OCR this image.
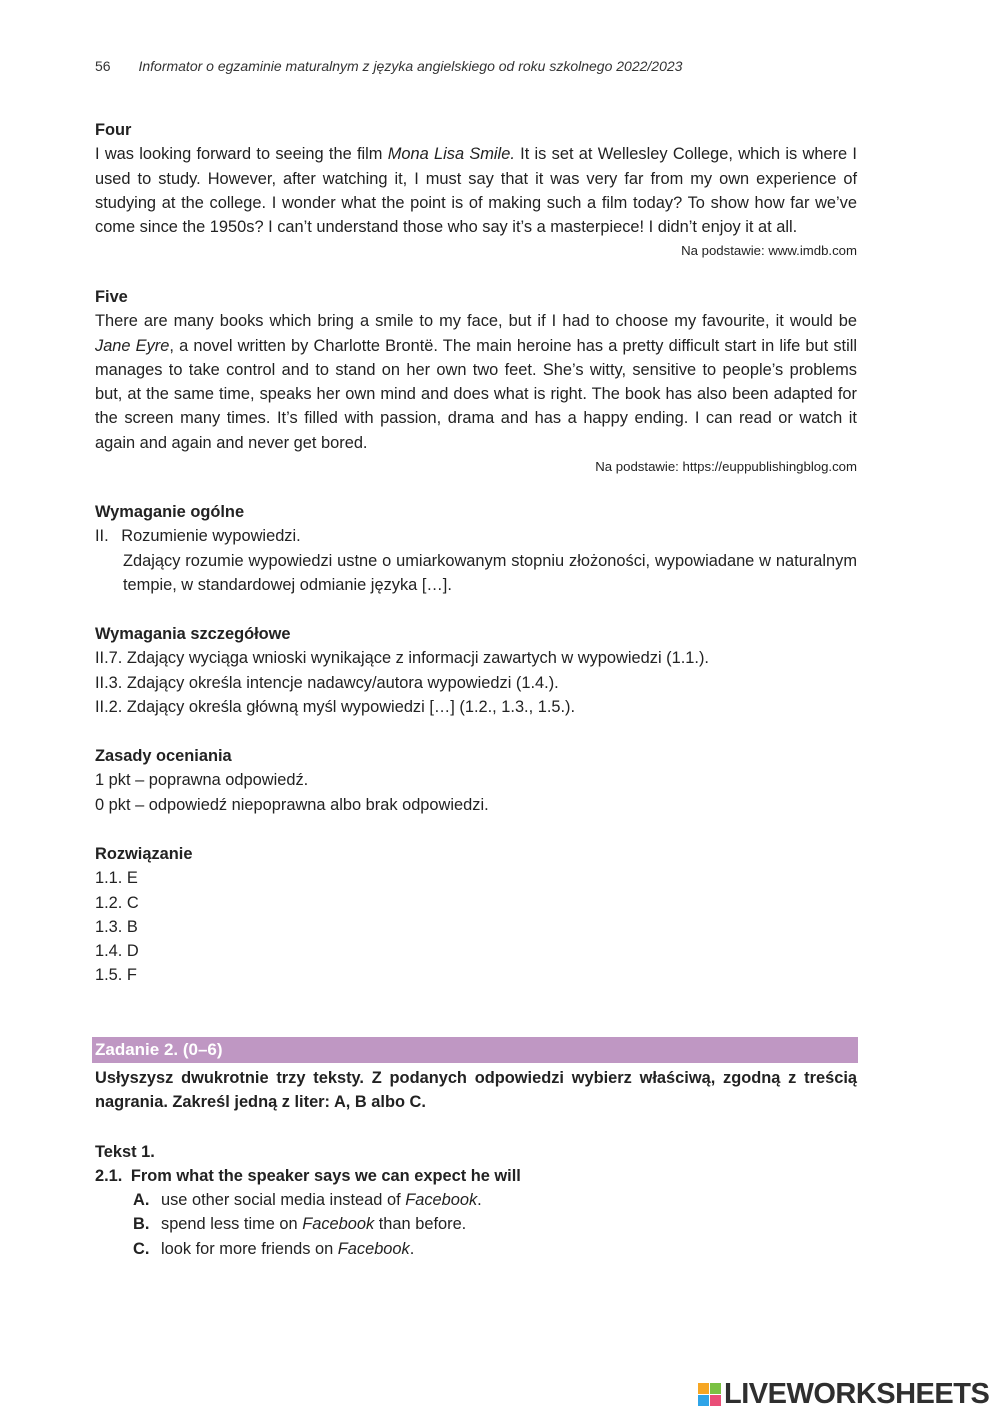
56 Informator o egzaminie maturalnym z języka angielskiego od roku szkolnego 2022/2023
Four
I was looking forward to seeing the film Mona Lisa Smile. It is set at Wellesley College, which is where I used to study. However, after watching it, I must say that it was very far from my own experience of studying at the college. I wonder what the point is of making such a film today? To show how far we’ve come since the 1950s? I can’t understand those who say it’s a masterpiece! I didn’t enjoy it at all.
Na podstawie: www.imdb.com
Five
There are many books which bring a smile to my face, but if I had to choose my favourite, it would be Jane Eyre, a novel written by Charlotte Brontë. The main heroine has a pretty difficult start in life but still manages to take control and to stand on her own two feet. She’s witty, sensitive to people’s problems but, at the same time, speaks her own mind and does what is right. The book has also been adapted for the screen many times. It’s filled with passion, drama and has a happy ending. I can read or watch it again and again and never get bored.
Na podstawie: https://euppublishingblog.com
Wymaganie ogólne
II. Rozumienie wypowiedzi.
Zdający rozumie wypowiedzi ustne o umiarkowanym stopniu złożoności, wypowiadane w naturalnym tempie, w standardowej odmianie języka […].
Wymagania szczegółowe
II.7. Zdający wyciąga wnioski wynikające z informacji zawartych w wypowiedzi (1.1.).
II.3. Zdający określa intencje nadawcy/autora wypowiedzi (1.4.).
II.2. Zdający określa główną myśl wypowiedzi […] (1.2., 1.3., 1.5.).
Zasady oceniania
1 pkt – poprawna odpowiedź.
0 pkt – odpowiedź niepoprawna albo brak odpowiedzi.
Rozwiązanie
1.1. E
1.2. C
1.3. B
1.4. D
1.5. F
Zadanie 2. (0–6)
Usłyszysz dwukrotnie trzy teksty. Z podanych odpowiedzi wybierz właściwą, zgodną z treścią nagrania. Zakreśl jedną z liter: A, B albo C.
Tekst 1.
2.1. From what the speaker says we can expect he will
A. use other social media instead of Facebook.
B. spend less time on Facebook than before.
C. look for more friends on Facebook.
LIVEWORKSHEETS
